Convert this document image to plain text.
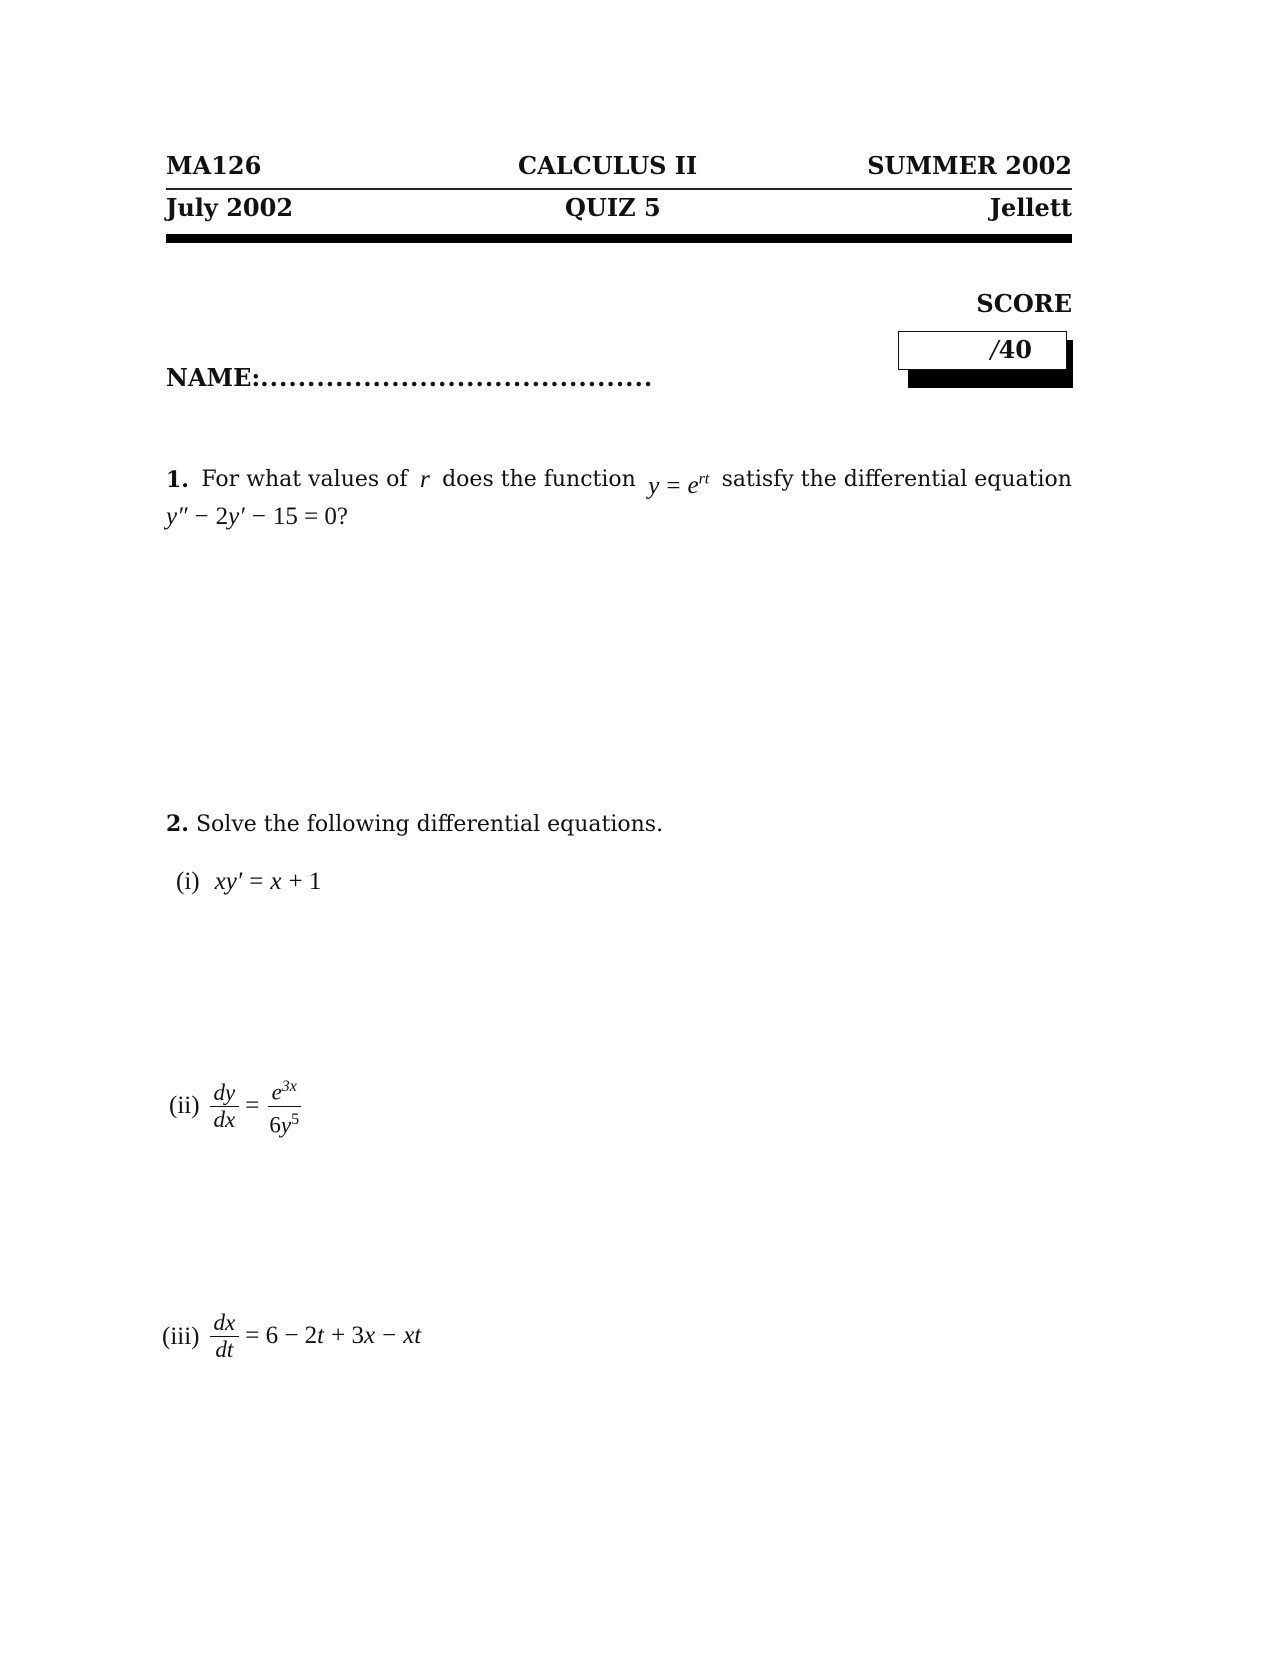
MA126	CALCULUS II	SUMMER 2002
July 2002	QUIZ 5	Jellett
SCORE
/40
NAME:..........................................
1. For what values of r does the function $y = e^{rt}$ satisfy the differential equation
y″ − 2y′ − 15 = 0?
2. Solve the following differential equations.
(i) xy′ = x + 1
$(ii) \frac{dy}{dx} = \frac{e^{3x}}{6y^5}$
$(iii) \frac{dx}{dt} = 6 - 2t + 3x$ − xt
